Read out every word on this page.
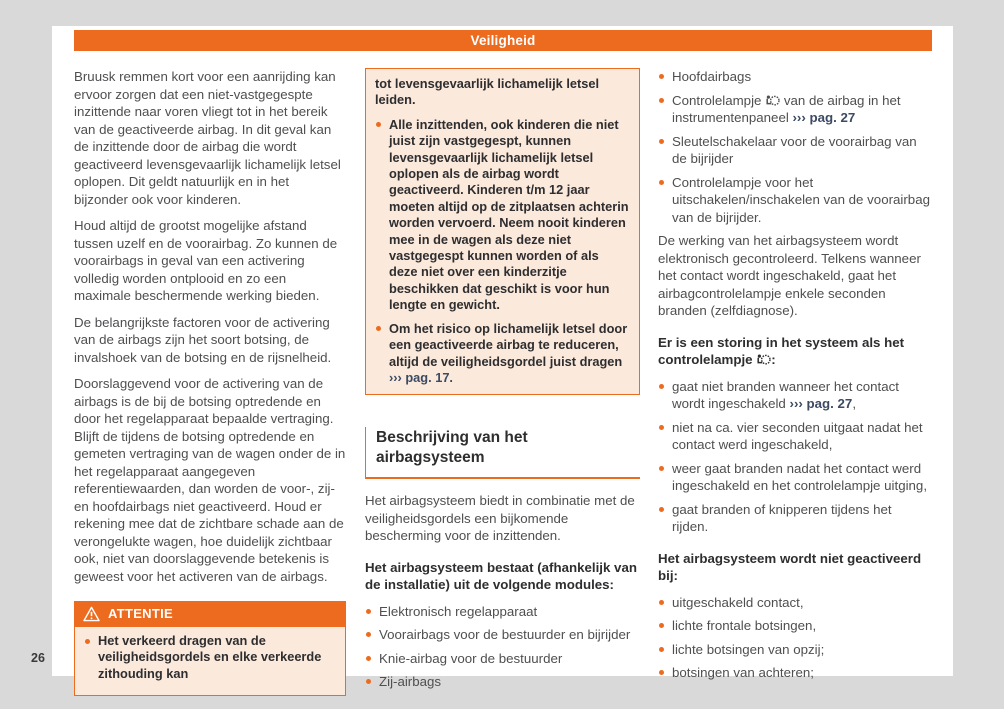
Veiligheid

Bruusk remmen kort voor een aanrijding kan ervoor zorgen dat een niet-vastgegespte inzittende naar voren vliegt tot in het bereik van de geactiveerde airbag. In dit geval kan de inzittende door de airbag die wordt geactiveerd levensgevaarlijk lichamelijk letsel oplopen. Dit geldt natuurlijk en in het bijzonder ook voor kinderen.

Houd altijd de grootst mogelijke afstand tussen uzelf en de voorairbag. Zo kunnen de voorairbags in geval van een activering volledig worden ontplooid en zo een maximale beschermende werking bieden.

De belangrijkste factoren voor de activering van de airbags zijn het soort botsing, de invalshoek van de botsing en de rijsnelheid.

Doorslaggevend voor de activering van de airbags is de bij de botsing optredende en door het regelapparaat bepaalde vertraging. Blijft de tijdens de botsing optredende en gemeten vertraging van de wagen onder de in het regelapparaat aangegeven referentiewaarden, dan worden de voor-, zij- en hoofdairbags niet geactiveerd. Houd er rekening mee dat de zichtbare schade aan de verongelukte wagen, hoe duidelijk zichtbaar ook, niet van doorslaggevende betekenis is geweest voor het activeren van de airbags.

ATTENTIE
Het verkeerd dragen van de veiligheidsgordels en elke verkeerde zithouding kan

tot levensgevaarlijk lichamelijk letsel leiden.

Alle inzittenden, ook kinderen die niet juist zijn vastgegespt, kunnen levensgevaarlijk lichamelijk letsel oplopen als de airbag wordt geactiveerd. Kinderen t/m 12 jaar moeten altijd op de zitplaatsen achterin worden vervoerd. Neem nooit kinderen mee in de wagen als deze niet vastgegespt kunnen worden of als deze niet over een kinderzitje beschikken dat geschikt is voor hun lengte en gewicht.
Om het risico op lichamelijk letsel door een geactiveerde airbag te reduceren, altijd de veiligheidsgordel juist dragen ››› pag. 17.
Beschrijving van het airbagsysteem

Het airbagsysteem biedt in combinatie met de veiligheidsgordels een bijkomende bescherming voor de inzittenden.

Het airbagsysteem bestaat (afhankelijk van de installatie) uit de volgende modules:

Elektronisch regelapparaat
Voorairbags voor de bestuurder en bijrijder
Knie-airbag voor de bestuurder
Zij-airbags
Hoofdairbags
Controlelampje  van de airbag in het instrumentenpaneel ››› pag. 27
Sleutelschakelaar voor de voorairbag van de bijrijder
Controlelampje voor het uitschakelen/inschakelen van de voorairbag van de bijrijder.

De werking van het airbagsysteem wordt elektronisch gecontroleerd. Telkens wanneer het contact wordt ingeschakeld, gaat het airbagcontrolelampje enkele seconden branden (zelfdiagnose).

Er is een storing in het systeem als het controlelampje :

gaat niet branden wanneer het contact wordt ingeschakeld ››› pag. 27,
niet na ca. vier seconden uitgaat nadat het contact werd ingeschakeld,
weer gaat branden nadat het contact werd ingeschakeld en het controlelampje uitging,
gaat branden of knipperen tijdens het rijden.

Het airbagsysteem wordt niet geactiveerd bij:

uitgeschakeld contact,
lichte frontale botsingen,
lichte botsingen van opzij;
botsingen van achteren;
26
